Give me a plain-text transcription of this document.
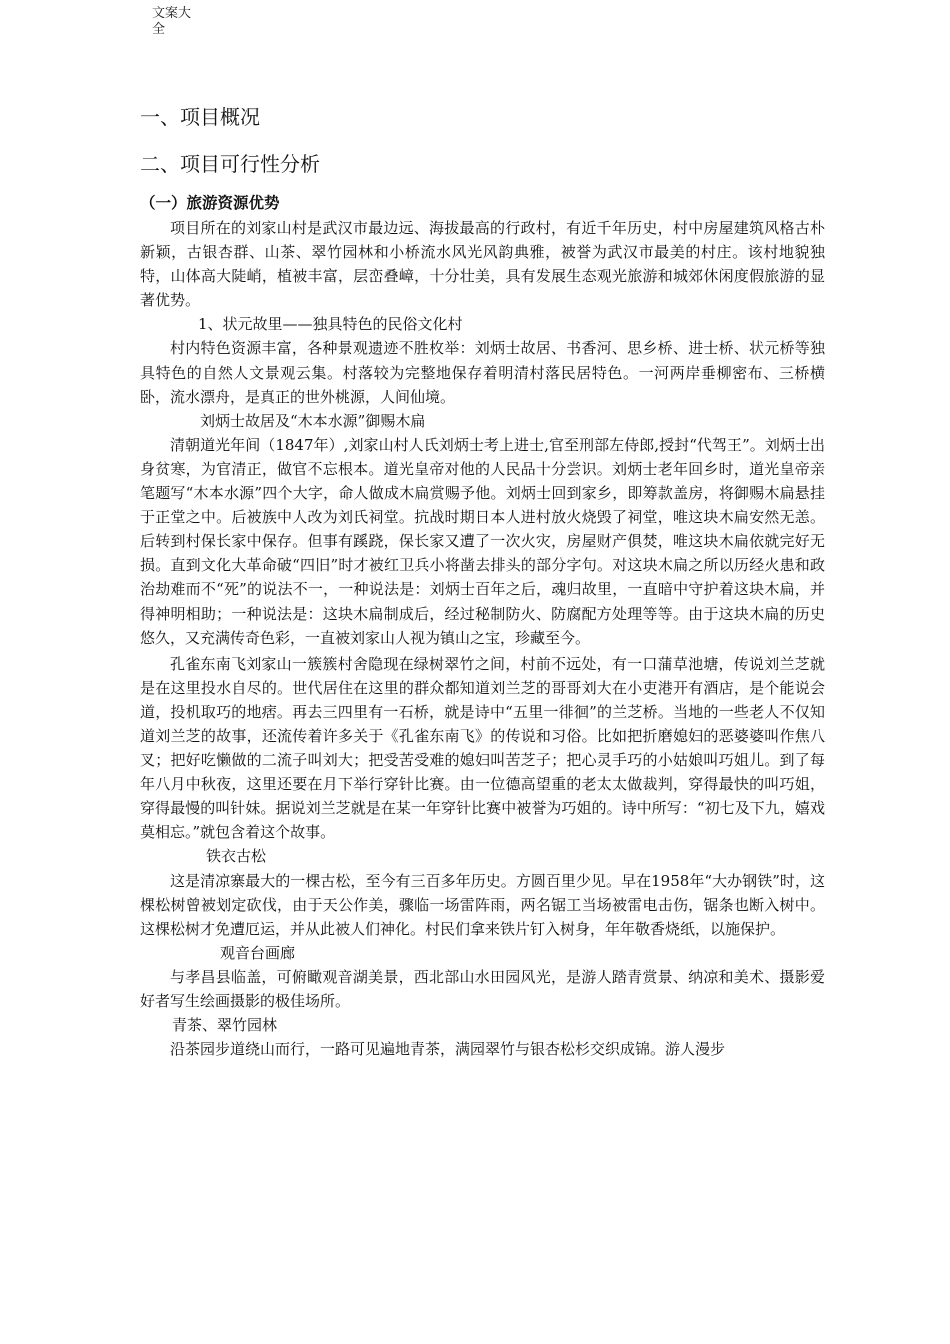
文案大全
一、项目概况
二、项目可行性分析
（一）旅游资源优势

项目所在的刘家山村是武汉市最边远、海拔最高的行政村，有近千年历史，村中房屋建筑风格古朴新颖，古银杏群、山茶、翠竹园林和小桥流水风光风韵典雅，被誉为武汉市最美的村庄。该村地貌独特，山体高大陡峭，植被丰富，层峦叠嶂，十分壮美，具有发展生态观光旅游和城郊休闲度假旅游的显著优势。

1、状元故里——独具特色的民俗文化村

村内特色资源丰富，各种景观遗迹不胜枚举：刘炳士故居、书香河、思乡桥、进士桥、状元桥等独具特色的自然人文景观云集。村落较为完整地保存着明清村落民居特色。一河两岸垂柳密布、三桥横卧，流水漂舟，是真正的世外桃源，人间仙境。

刘炳士故居及“木本水源”御赐木扁

清朝道光年间（1847年）,刘家山村人氏刘炳士考上进士,官至刑部左侍郎,授封“代驾王”。刘炳士出身贫寒，为官清正，做官不忘根本。道光皇帝对他的人民品十分尝识。刘炳士老年回乡时，道光皇帝亲笔题写“木本水源”四个大字，命人做成木扁赏赐予他。刘炳士回到家乡，即筹款盖房，将御赐木扁悬挂于正堂之中。后被族中人改为刘氏祠堂。抗战时期日本人进村放火烧毁了祠堂，唯这块木扁安然无恙。后转到村保长家中保存。但事有蹊跷，保长家又遭了一次火灾，房屋财产俱焚，唯这块木扁依就完好无损。直到文化大革命破“四旧”时才被红卫兵小将凿去排头的部分字句。对这块木扁之所以历经火患和政治劫难而不“死”的说法不一，一种说法是：刘炳士百年之后，魂归故里，一直暗中守护着这块木扁，并得神明相助；一种说法是：这块木扁制成后，经过秘制防火、防腐配方处理等等。由于这块木扁的历史悠久，又充满传奇色彩，一直被刘家山人视为镇山之宝，珍藏至今。

孔雀东南飞刘家山一簇簇村舍隐现在绿树翠竹之间，村前不远处，有一口蒲草池塘，传说刘兰芝就是在这里投水自尽的。世代居住在这里的群众都知道刘兰芝的哥哥刘大在小吏港开有酒店，是个能说会道，投机取巧的地痞。再去三四里有一石桥，就是诗中“五里一徘徊”的兰芝桥。当地的一些老人不仅知道刘兰芝的故事，还流传着许多关于《孔雀东南飞》的传说和习俗。比如把折磨媳妇的恶婆婆叫作焦八叉；把好吃懒做的二流子叫刘大；把受苦受难的媳妇叫苦芝子；把心灵手巧的小姑娘叫巧姐儿。到了每年八月中秋夜，这里还要在月下举行穿针比赛。由一位德高望重的老太太做裁判，穿得最快的叫巧姐，穿得最慢的叫针妹。据说刘兰芝就是在某一年穿针比赛中被誉为巧姐的。诗中所写：“初七及下九，嬉戏莫相忘。”就包含着这个故事。

铁衣古松

这是清凉寨最大的一棵古松，至今有三百多年历史。方圆百里少见。早在1958年“大办钢铁”时，这棵松树曾被划定砍伐，由于天公作美，骤临一场雷阵雨，两名锯工当场被雷电击伤，锯条也断入树中。这棵松树才免遭厄运，并从此被人们神化。村民们拿来铁片钉入树身，年年敬香烧纸，以施保护。

观音台画廊

与孝昌县临盖，可俯瞰观音湖美景，西北部山水田园风光，是游人踏青赏景、纳凉和美术、摄影爱好者写生绘画摄影的极佳场所。

青茶、翠竹园林

沿茶园步道绕山而行，一路可见遍地青茶，满园翠竹与银杏松杉交织成锦。游人漫步
